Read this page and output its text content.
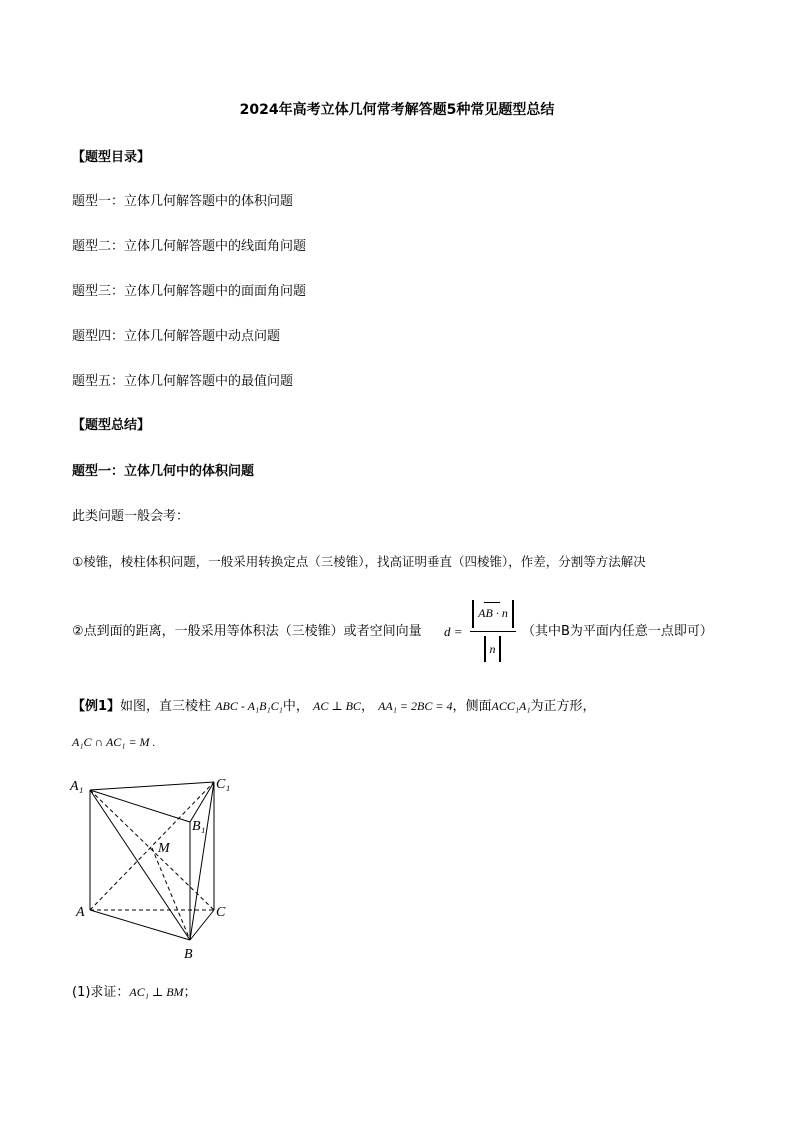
2024年高考立体几何常考解答题5种常见题型总结
【题型目录】
题型一：立体几何解答题中的体积问题
题型二：立体几何解答题中的线面角问题
题型三：立体几何解答题中的面面角问题
题型四：立体几何解答题中动点问题
题型五：立体几何解答题中的最值问题
【题型总结】
题型一：立体几何中的体积问题
此类问题一般会考：
①棱锥，棱柱体积问题，一般采用转换定点（三棱锥），找高证明垂直（四棱锥），作差，分割等方法解决
②点到面的距离，一般采用等体积法（三棱锥）或者空间向量 d =
AB · n
n
（其中B为平面内任意一点即可）
【例1】如图，直三棱柱 ABC - A₁B₁C₁中， AC ⊥ BC， AA₁ = 2BC = 4，侧面ACC₁A₁为正方形，
A₁C ∩ AC₁ = M .
A₁	C₁
B₁
M
A	C
B
(1)求证：AC₁ ⊥ BM；
